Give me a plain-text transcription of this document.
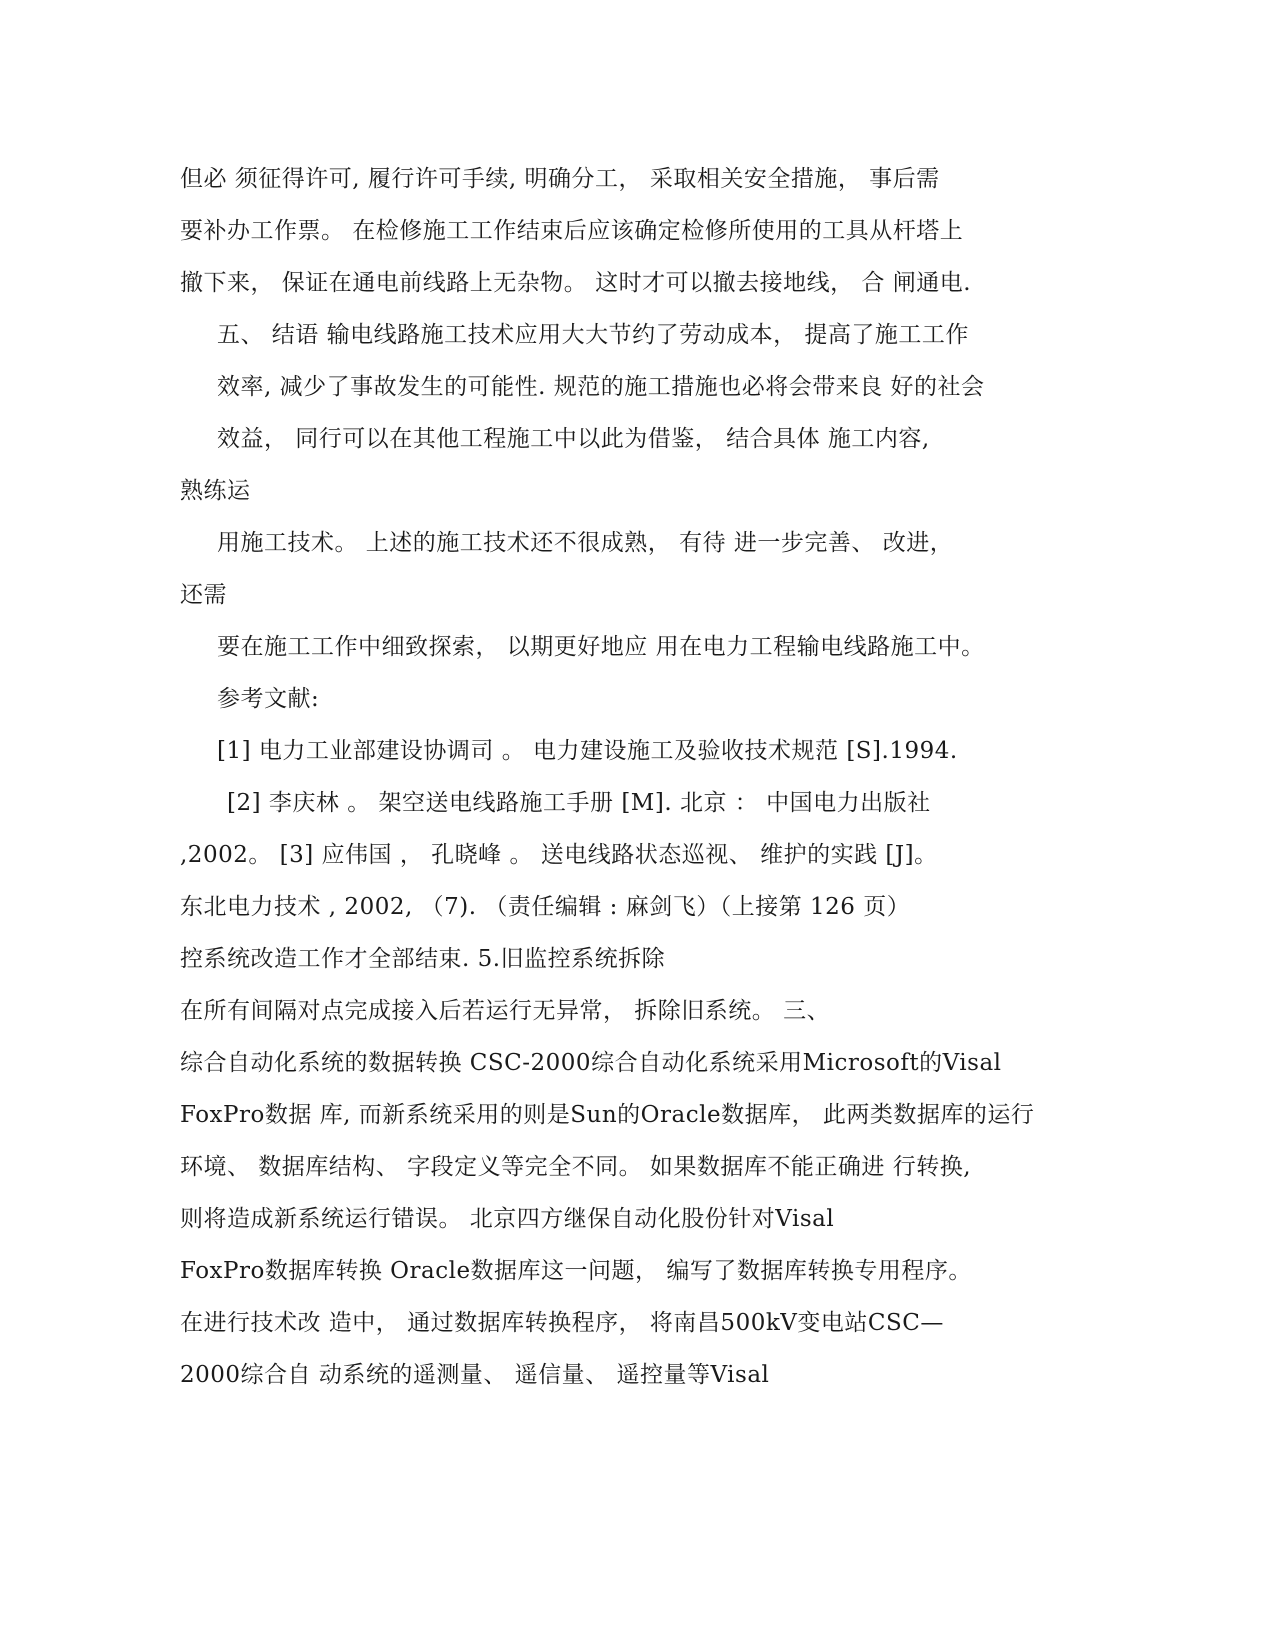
但必 须征得许可, 履行许可手续, 明确分工， 采取相关安全措施， 事后需
要补办工作票。 在检修施工工作结束后应该确定检修所使用的工具从杆塔上
撤下来， 保证在通电前线路上无杂物。 这时才可以撤去接地线， 合 闸通电.
五、 结语 输电线路施工技术应用大大节约了劳动成本， 提高了施工工作
效率, 减少了事故发生的可能性. 规范的施工措施也必将会带来良 好的社会
效益， 同行可以在其他工程施工中以此为借鉴， 结合具体 施工内容,
熟练运
用施工技术。 上述的施工技术还不很成熟， 有待 进一步完善、 改进，
还需
要在施工工作中细致探索， 以期更好地应 用在电力工程输电线路施工中。
参考文献:
[1] 电力工业部建设协调司 。 电力建设施工及验收技术规范 [S].1994.
[2] 李庆林 。 架空送电线路施工手册 [M]. 北京 ： 中国电力出版社
,2002。 [3] 应伟国 ， 孔晓峰 。 送电线路状态巡视、 维护的实践 [J]。
东北电力技术 , 2002, （7). （责任编辑 : 麻剑飞）（上接第 126 页）
控系统改造工作才全部结束. 5.旧监控系统拆除
在所有间隔对点完成接入后若运行无异常， 拆除旧系统。 三、
综合自动化系统的数据转换 CSC-2000综合自动化系统采用Microsoft的Visal
FoxPro数据 库, 而新系统采用的则是Sun的Oracle数据库， 此两类数据库的运行
环境、 数据库结构、 字段定义等完全不同。 如果数据库不能正确进 行转换,
则将造成新系统运行错误。 北京四方继保自动化股份针对Visal
FoxPro数据库转换 Oracle数据库这一问题， 编写了数据库转换专用程序。
在进行技术改 造中， 通过数据库转换程序， 将南昌500kV变电站CSC—
2000综合自 动系统的遥测量、 遥信量、 遥控量等Visal
